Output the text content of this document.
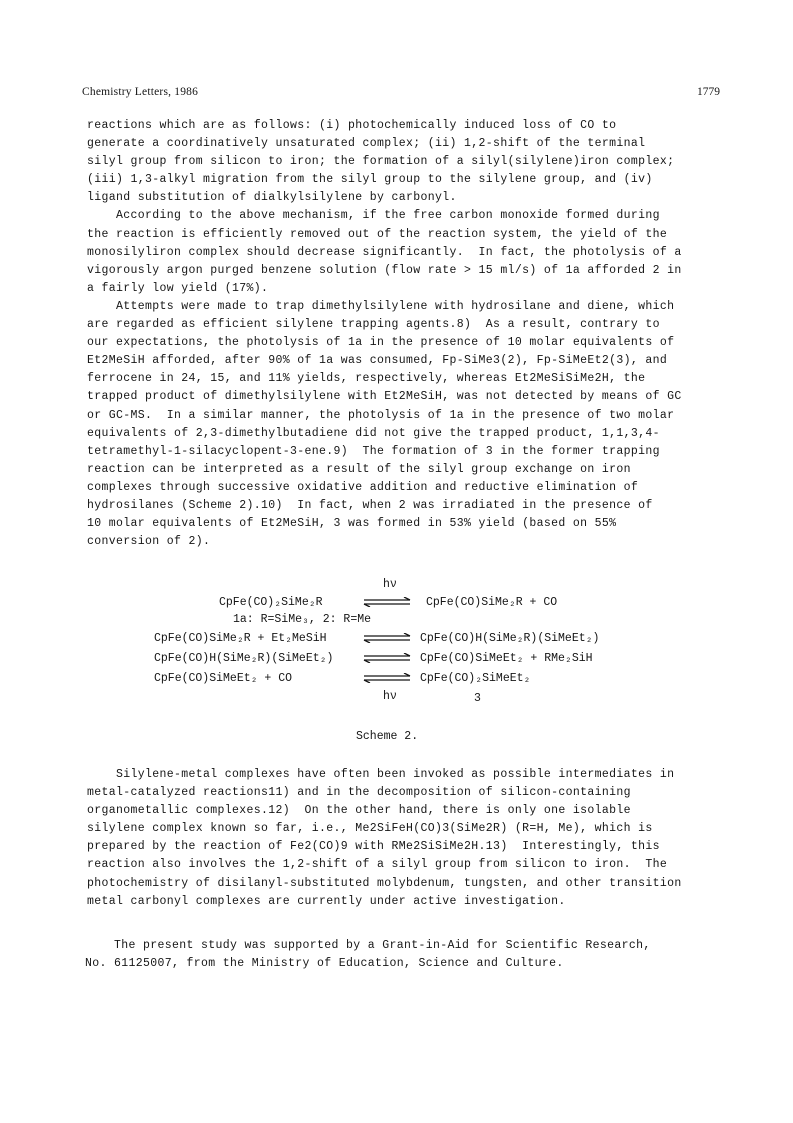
Chemistry Letters, 1986	1779

reactions which are as follows: (i) photochemically induced loss of CO to

generate a coordinatively unsaturated complex; (ii) 1,2-shift of the terminal

silyl group from silicon to iron; the formation of a silyl(silylene)iron complex;

(iii) 1,3-alkyl migration from the silyl group to the silylene group, and (iv)

ligand substitution of dialkylsilylene by carbonyl.

According to the above mechanism, if the free carbon monoxide formed during

the reaction is efficiently removed out of the reaction system, the yield of the

monosilyliron complex should decrease significantly.  In fact, the photolysis of a

vigorously argon purged benzene solution (flow rate > 15 ml/s) of 1a afforded 2 in

a fairly low yield (17%).

Attempts were made to trap dimethylsilylene with hydrosilane and diene, which

are regarded as efficient silylene trapping agents.8)  As a result, contrary to

our expectations, the photolysis of 1a in the presence of 10 molar equivalents of

Et2MeSiH afforded, after 90% of 1a was consumed, Fp-SiMe3(2), Fp-SiMeEt2(3), and

ferrocene in 24, 15, and 11% yields, respectively, whereas Et2MeSiSiMe2H, the

trapped product of dimethylsilylene with Et2MeSiH, was not detected by means of GC

or GC-MS.  In a similar manner, the photolysis of 1a in the presence of two molar

equivalents of 2,3-dimethylbutadiene did not give the trapped product, 1,1,3,4-

tetramethyl-1-silacyclopent-3-ene.9)  The formation of 3 in the former trapping

reaction can be interpreted as a result of the silyl group exchange on iron

complexes through successive oxidative addition and reductive elimination of

hydrosilanes (Scheme 2).10)  In fact, when 2 was irradiated in the presence of

10 molar equivalents of Et2MeSiH, 3 was formed in 53% yield (based on 55%

conversion of 2).

hν
CpFe(CO)₂SiMe₂R ⇌ CpFe(CO)SiMe₂R + CO
1a: R=SiMe₃, 2: R=Me
CpFe(CO)SiMe₂R + Et₂MeSiH ⇌ CpFe(CO)H(SiMe₂R)(SiMeEt₂)
CpFe(CO)H(SiMe₂R)(SiMeEt₂) ⇌ CpFe(CO)SiMeEt₂ + RMe₂SiH
CpFe(CO)SiMeEt₂ + CO	⇌ CpFe(CO)₂SiMeEt₂
hν	3
Scheme 2.

Silylene-metal complexes have often been invoked as possible intermediates in

metal-catalyzed reactions11) and in the decomposition of silicon-containing

organometallic complexes.12)  On the other hand, there is only one isolable

silylene complex known so far, i.e., Me2SiFeH(CO)3(SiMe2R) (R=H, Me), which is

prepared by the reaction of Fe2(CO)9 with RMe2SiSiMe2H.13)  Interestingly, this

reaction also involves the 1,2-shift of a silyl group from silicon to iron.  The

photochemistry of disilanyl-substituted molybdenum, tungsten, and other transition

metal carbonyl complexes are currently under active investigation.

The present study was supported by a Grant-in-Aid for Scientific Research,

No. 61125007, from the Ministry of Education, Science and Culture.
